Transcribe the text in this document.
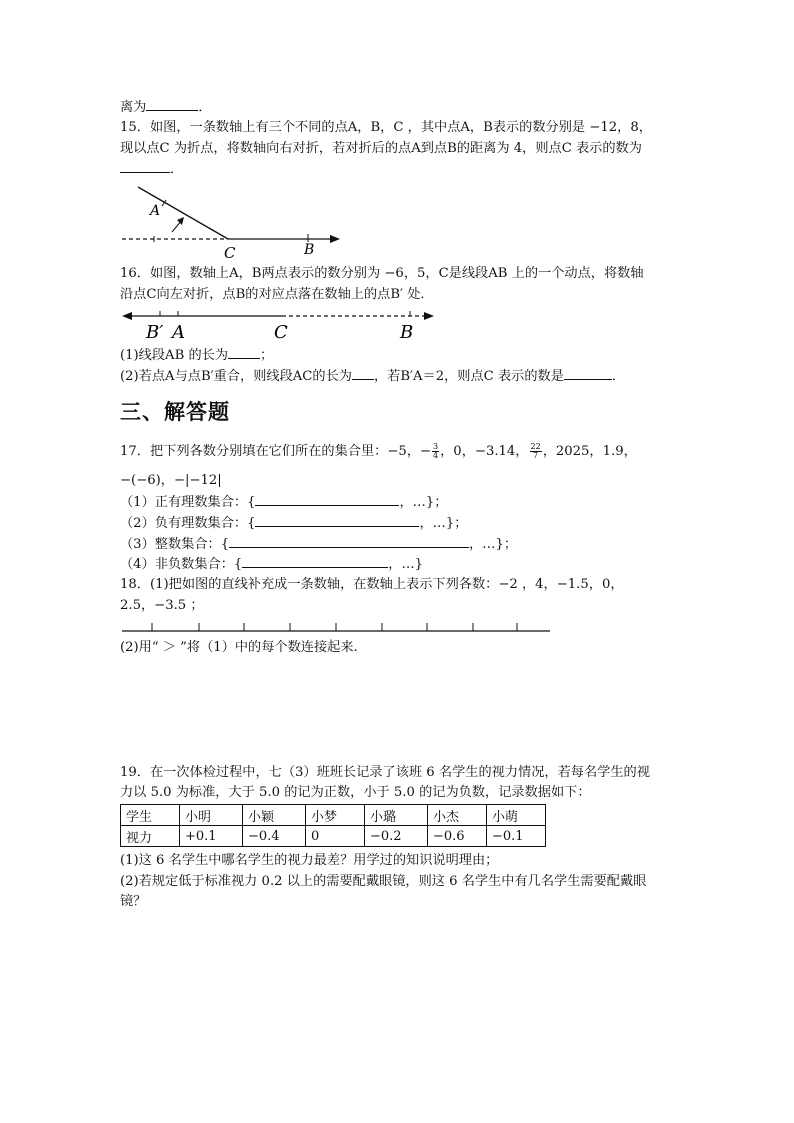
离为	．
15．如图，一条数轴上有三个不同的点A，B，C ，其中点A，B表示的数分别是 −12，8，
现以点C 为折点，将数轴向右对折，若对折后的点A到点B的距离为 4，则点C 表示的数为
．
A
C	B
16．如图，数轴上A，B两点表示的数分别为 −6，5，C是线段AB 上的一个动点，将数轴
沿点C向左对折，点B的对应点落在数轴上的点B′ 处．
B′ A	C	B
(1)线段AB 的长为 ；
(2)若点A与点B′重合，则线段AC的长为 ，若B′A＝2，则点C 表示的数是	．
三、解答题
17．把下列各数分别填在它们所在的集合里：−5，− $\frac{3}{4}$ ，0，−3.14， $\frac{22}{7}$ ，2025，1.9，
−(−6)，−|−12|
（1）正有理数集合：{	，…}；
（2）负有理数集合：{	，…}；
（3）整数集合：{	，…}；
（4）非负数集合：{	，…}
18．(1)把如图的直线补充成一条数轴，在数轴上表示下列各数：−2 ，4，−1.5，0，
2.5，−3.5 ；
(2)用“ ＞ ”将（1）中的每个数连接起来.
19．在一次体检过程中，七（3）班班长记录了该班 6 名学生的视力情况，若每名学生的视
力以 5.0 为标准，大于 5.0 的记为正数，小于 5.0 的记为负数，记录数据如下：
学生	小明	小颖	小梦	小璐	小杰	小萌
视力	+0.1	−0.4	0	−0.2	−0.6	−0.1
(1)这 6 名学生中哪名学生的视力最差？用学过的知识说明理由；
(2)若规定低于标准视力 0.2 以上的需要配戴眼镜，则这 6 名学生中有几名学生需要配戴眼
镜？
